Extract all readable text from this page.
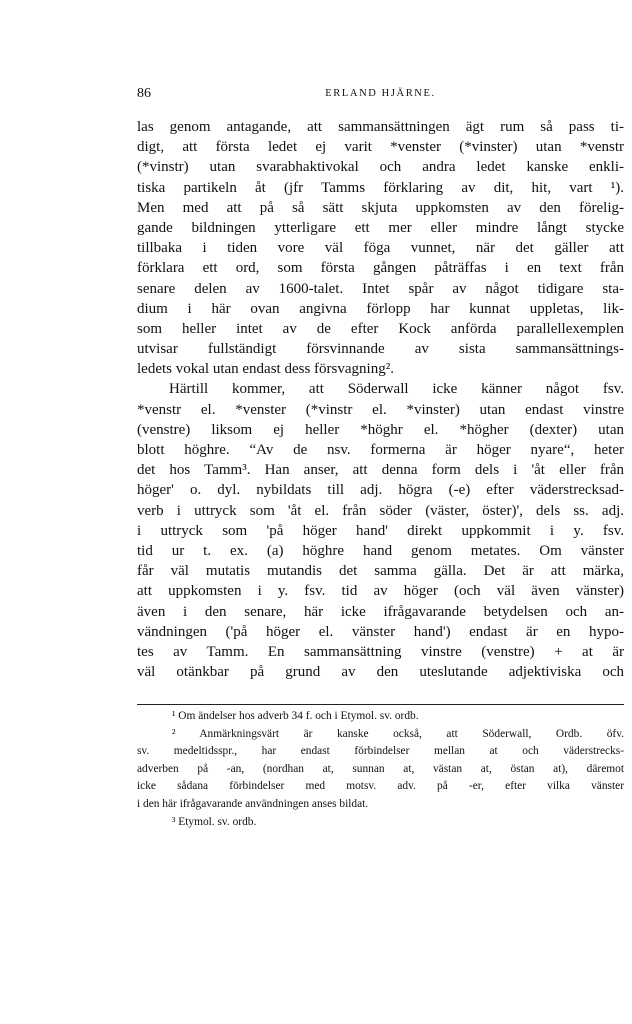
86	ERLAND HJÄRNE.
las genom antagande, att sammansättningen ägt rum så pass ti-
digt, att första ledet ej varit *venster (*vinster) utan *venstr
(*vinstr) utan svarabhaktivokal och andra ledet kanske enkli-
tiska partikeln åt (jfr Tamms förklaring av dit, hit, vart ¹).
Men med att på så sätt skjuta uppkomsten av den förelig-
gande bildningen ytterligare ett mer eller mindre långt stycke
tillbaka i tiden vore väl föga vunnet, när det gäller att
förklara ett ord, som första gången påträffas i en text från
senare delen av 1600-talet. Intet spår av något tidigare sta-
dium i här ovan angivna förlopp har kunnat uppletas, lik-
som heller intet av de efter Kock anförda parallellexemplen
utvisar fullständigt försvinnande av sista sammansättnings-
ledets vokal utan endast dess försvagning².
Härtill kommer, att Söderwall icke känner något fsv.
*venstr el. *venster (*vinstr el. *vinster) utan endast vinstre
(venstre) liksom ej heller *höghr el. *högher (dexter) utan
blott höghre. “Av de nsv. formerna är höger nyare“, heter
det hos Tamm³. Han anser, att denna form dels i 'åt eller från
höger' o. dyl. nybildats till adj. högra (-e) efter väderstrecksad-
verb i uttryck som 'åt el. från söder (väster, öster)', dels ss. adj.
i uttryck som 'på höger hand' direkt uppkommit i y. fsv.
tid ur t. ex. (a) höghre hand genom metates. Om vänster
får väl mutatis mutandis det samma gälla. Det är att märka,
att uppkomsten i y. fsv. tid av höger (och väl även vänster)
även i den senare, här icke ifrågavarande betydelsen och an-
vändningen ('på höger el. vänster hand') endast är en hypo-
tes av Tamm. En sammansättning vinstre (venstre) + at är
väl otänkbar på grund av den uteslutande adjektiviska och
¹ Om ändelser hos adverb 34 f. och i Etymol. sv. ordb.
² Anmärkningsvärt är kanske också, att Söderwall, Ordb. öfv.
sv. medeltidsspr., har endast förbindelser mellan at och väderstrecks-
adverben på -an, (nordhan at, sunnan at, västan at, östan at), däremot
icke sådana förbindelser med motsv. adv. på -er, efter vilka vänster
i den här ifrågavarande användningen anses bildat.
³ Etymol. sv. ordb.
